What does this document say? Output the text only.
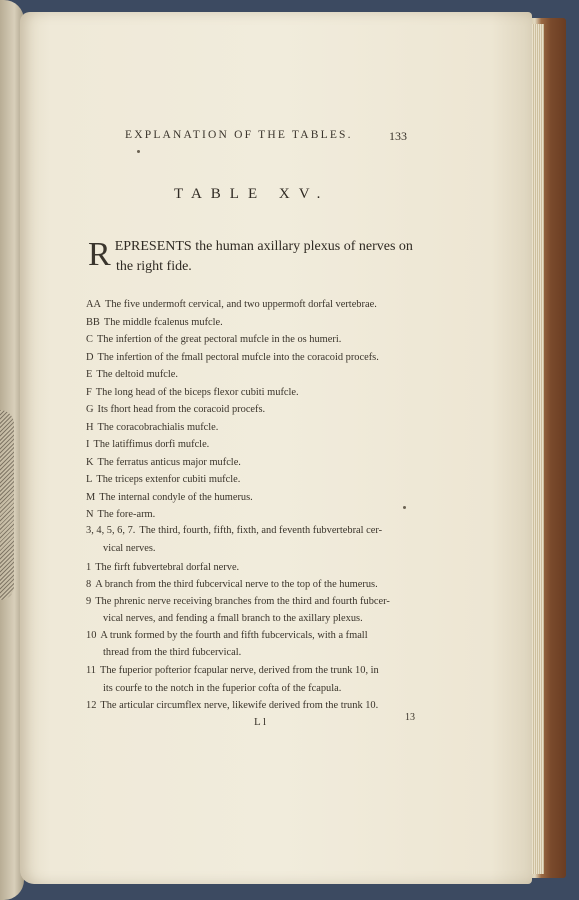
EXPLANATION OF THE TABLES.	133
TABLE XV.
R EPRESENTS the human axillary plexus of nerves on
the right fide.
AA The five undermoft cervical, and two uppermoft dorfal vertebrae.
BB The middle fcalenus mufcle.
C The infertion of the great pectoral mufcle in the os humeri.
D The infertion of the fmall pectoral mufcle into the coracoid procefs.
E The deltoid mufcle.
F The long head of the biceps flexor cubiti mufcle.
G Its fhort head from the coracoid procefs.
H The coracobrachialis mufcle.
I The latiffimus dorfi mufcle.
K The ferratus anticus major mufcle.
L The triceps extenfor cubiti mufcle.
M The internal condyle of the humerus.
N The fore-arm.
3, 4, 5, 6, 7. The third, fourth, fifth, fixth, and feventh fubvertebral cer-
vical nerves.
1 The firft fubvertebral dorfal nerve.
8 A branch from the third fubcervical nerve to the top of the humerus.
9 The phrenic nerve receiving branches from the third and fourth fubcer-
vical nerves, and fending a fmall branch to the axillary plexus.
10 A trunk formed by the fourth and fifth fubcervicals, with a fmall
thread from the third fubcervical.
11 The fuperior pofterior fcapular nerve, derived from the trunk 10, in
its courfe to the notch in the fuperior cofta of the fcapula.
12 The articular circumflex nerve, likewife derived from the trunk 10.
L l	13
